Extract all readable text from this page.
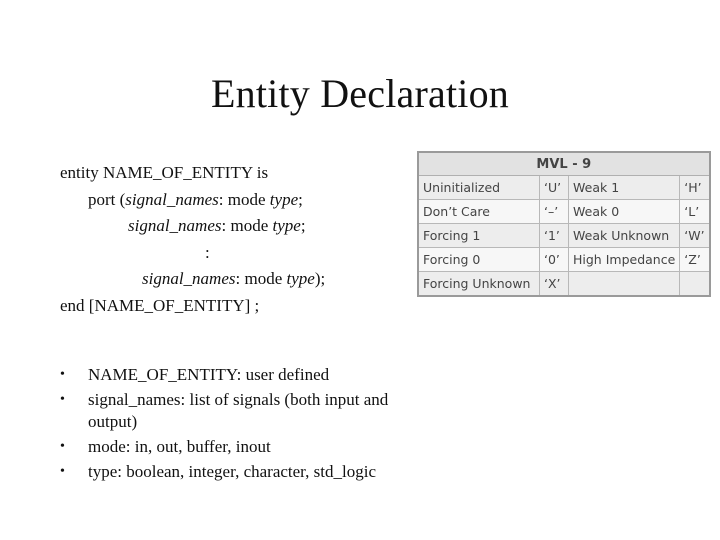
Entity Declaration
entity NAME_OF_ENTITY is
port (signal_names: mode type;
signal_names: mode type;
:
signal_names: mode type);
end [NAME_OF_ENTITY] ;
MVL - 9			
Uninitialized	‘U’	Weak 1	‘H’
Don’t Care	‘–’	Weak 0	‘L’
Forcing 1	‘1’	Weak Unknown	‘W’
Forcing 0	‘0’	High Impedance	‘Z’
Forcing Unknown	‘X’		
• NAME_OF_ENTITY: user defined
• signal_names: list of signals (both input and output)
• mode: in, out, buffer, inout
• type: boolean, integer, character, std_logic
